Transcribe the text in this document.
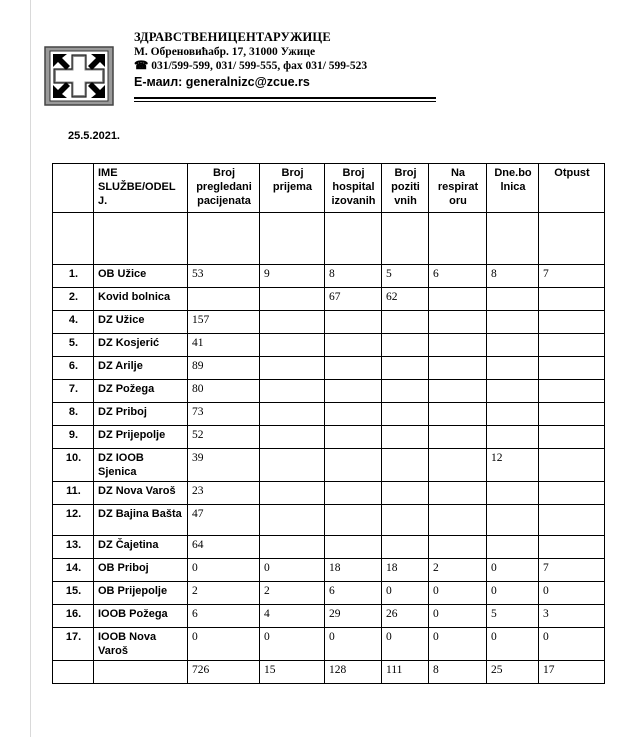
ЗДРАВСТВЕНИЦЕНТАРУЖИЦЕ
М. Обреновићабр. 17, 31000 Ужице
☎ 031/599-599, 031/ 599-555, фах 031/ 599-523
Е-маил: generalnizc@zcue.rs
25.5.2021.
	IME SLUŽBE/ODEL J.	Broj pregledani pacijenata	Broj prijema	Broj hospital izovanih	Broj poziti vnih	Na respirat oru	Dne.bo lnica	Otpust

1.	OB Užice	53	9	8	5	6	8	7
2.	Kovid bolnica			67	62			
4.	DZ Užice	157						
5.	DZ Kosjerić	41						
6.	DZ Arilje	89						
7.	DZ Požega	80						
8.	DZ Priboj	73						
9.	DZ Prijepolje	52						
10.	DZ IOOB Sjenica	39					12	
11.	DZ Nova Varoš	23						
12.	DZ Bajina Bašta	47						
13.	DZ Čajetina	64						
14.	OB Priboj	0	0	18	18	2	0	7
15.	OB Prijepolje	2	2	6	0	0	0	0
16.	IOOB Požega	6	4	29	26	0	5	3
17.	IOOB Nova Varoš	0	0	0	0	0	0	0
		726	15	128	111	8	25	17
